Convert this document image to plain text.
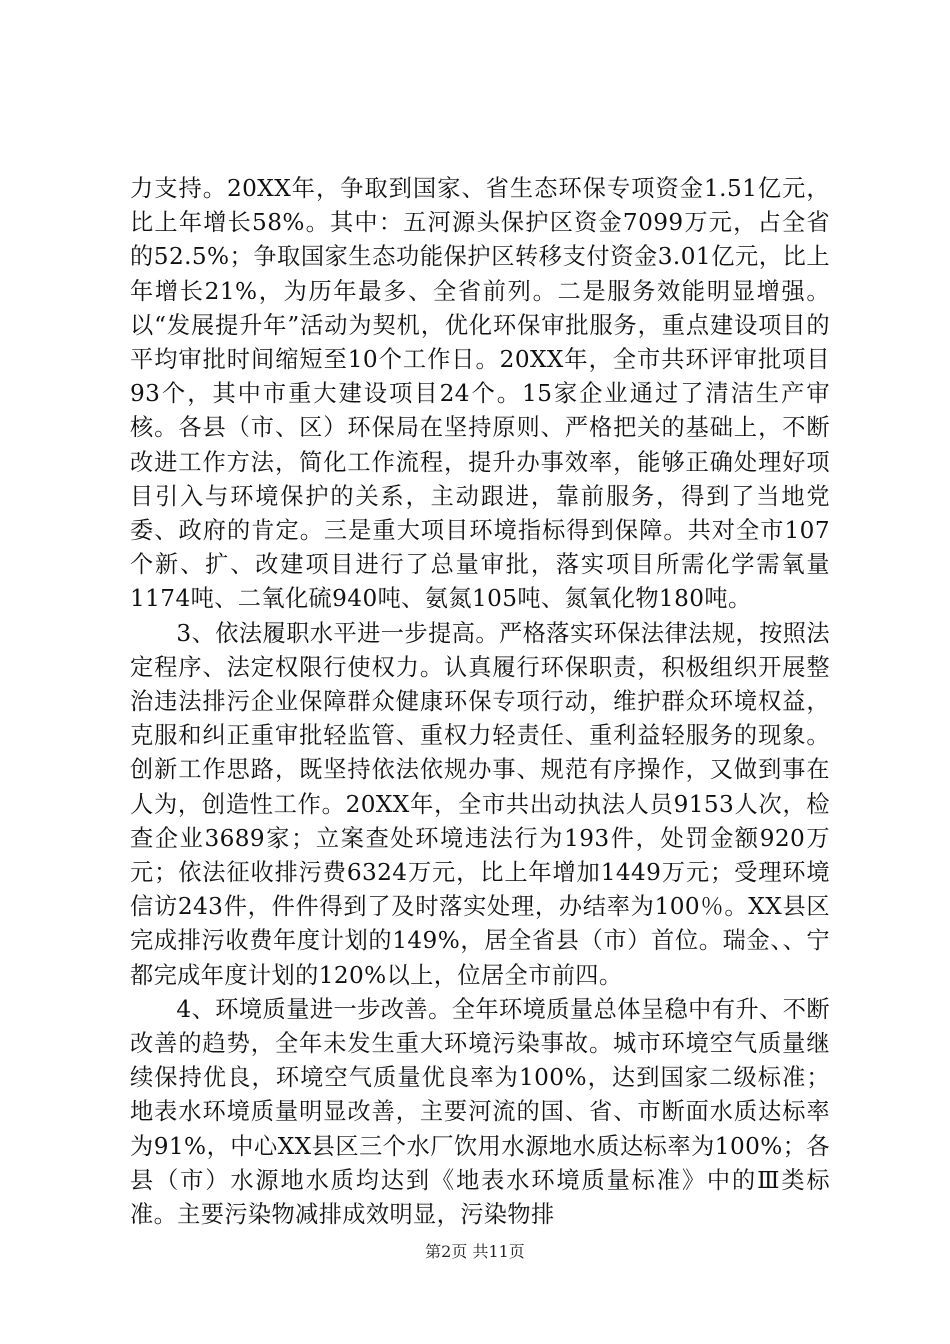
力支持。20XX年，争取到国家、省生态环保专项资金1.51亿元，比上年增长58%。其中：五河源头保护区资金7099万元，占全省的52.5%；争取国家生态功能保护区转移支付资金3.01亿元，比上年增长21%，为历年最多、全省前列。二是服务效能明显增强。以“发展提升年”活动为契机，优化环保审批服务，重点建设项目的平均审批时间缩短至10个工作日。20XX年，全市共环评审批项目93个，其中市重大建设项目24个。15家企业通过了清洁生产审核。各县（市、区）环保局在坚持原则、严格把关的基础上，不断改进工作方法，简化工作流程，提升办事效率，能够正确处理好项目引入与环境保护的关系，主动跟进，靠前服务，得到了当地党委、政府的肯定。三是重大项目环境指标得到保障。共对全市107个新、扩、改建项目进行了总量审批，落实项目所需化学需氧量1174吨、二氧化硫940吨、氨氮105吨、氮氧化物180吨。

3、依法履职水平进一步提高。严格落实环保法律法规，按照法定程序、法定权限行使权力。认真履行环保职责，积极组织开展整治违法排污企业保障群众健康环保专项行动，维护群众环境权益，克服和纠正重审批轻监管、重权力轻责任、重利益轻服务的现象。创新工作思路，既坚持依法依规办事、规范有序操作，又做到事在人为，创造性工作。20XX年，全市共出动执法人员9153人次，检查企业3689家；立案查处环境违法行为193件，处罚金额920万元；依法征收排污费6324万元，比上年增加1449万元；受理环境信访243件，件件得到了及时落实处理，办结率为100％。XX县区完成排污收费年度计划的149%，居全省县（市）首位。瑞金、、宁都完成年度计划的120%以上，位居全市前四。

4、环境质量进一步改善。全年环境质量总体呈稳中有升、不断改善的趋势，全年未发生重大环境污染事故。城市环境空气质量继续保持优良，环境空气质量优良率为100%，达到国家二级标准；地表水环境质量明显改善，主要河流的国、省、市断面水质达标率为91%，中心XX县区三个水厂饮用水源地水质达标率为100%；各县（市）水源地水质均达到《地表水环境质量标准》中的Ⅲ类标准。主要污染物减排成效明显，污染物排

第2页 共11页
